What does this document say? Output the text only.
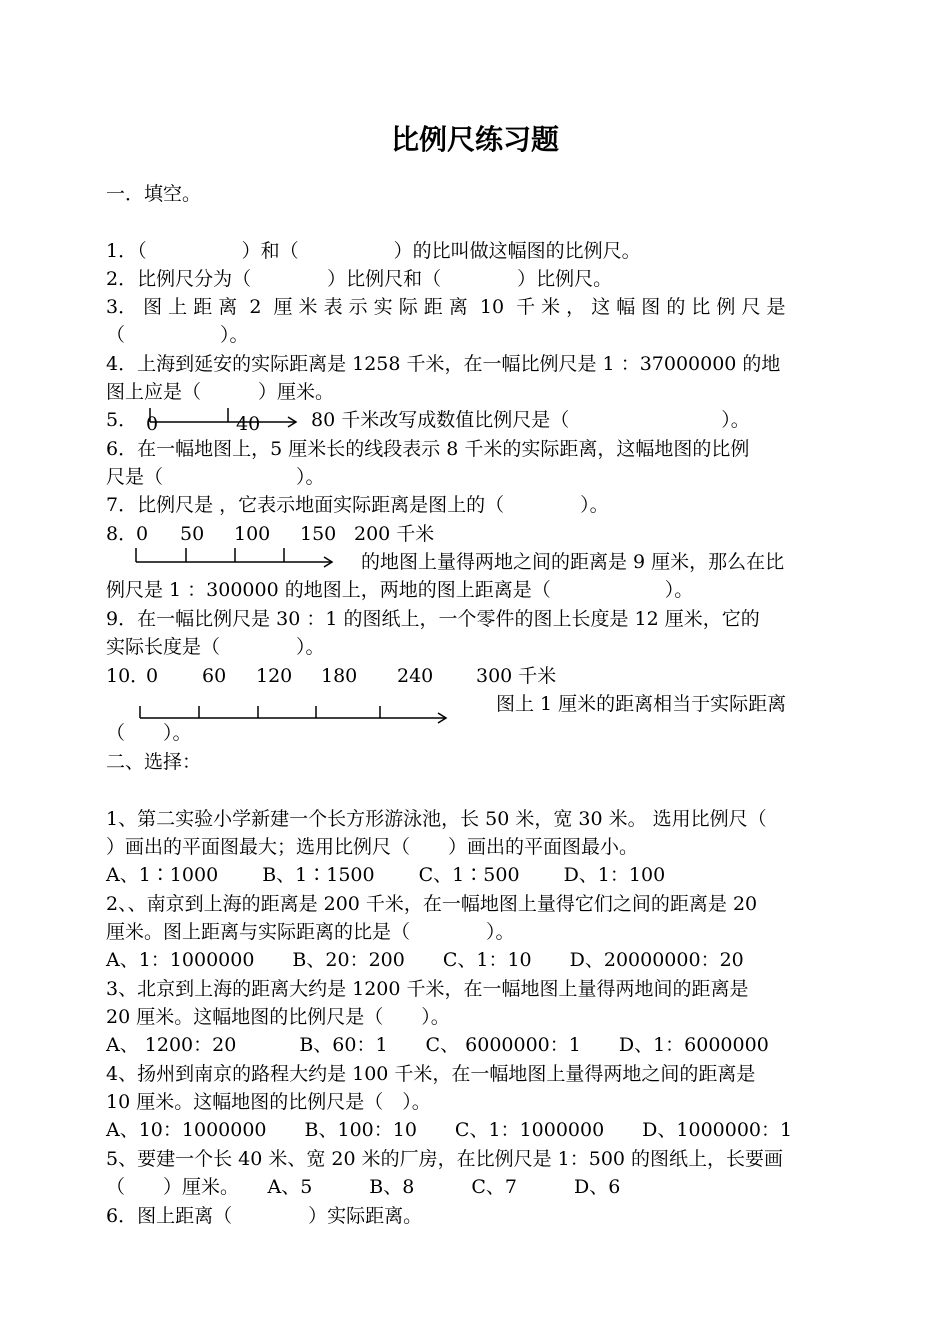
比例尺练习题
一．填空。
1．（　　　　　）和（　　　　　）的比叫做这幅图的比例尺。
2．比例尺分为（　　　　）比例尺和（　　　　）比例尺。
3． 图 上 距 离  2  厘 米 表 示 实 际 距 离  10  千 米 ， 这 幅 图 的 比 例 尺 是
（　　　　　）。
4．上海到延安的实际距离是 1258 千米，在一幅比例尺是 1 ：37000000 的地
图上应是（　　　）厘米。
5． 0	40	80 千米改写成数值比例尺是（　　　　　　　　）。
6．在一幅地图上，5 厘米长的线段表示 8 千米的实际距离，这幅地图的比例
尺是（　　　　　　　）。
7．比例尺是 ，它表示地面实际距离是图上的（　　　　）。
8．
0 50 100 150 200 千米
的地图上量得两地之间的距离是 9 厘米，那么在比
例尺是 1 ：300000 的地图上，两地的图上距离是（　　　　　　）。
9．在一幅比例尺是 30 ：1 的图纸上，一个零件的图上长度是 12 厘米，它的
实际长度是（　　　　）。
10．
0 60 120 180 240 300 千米
图上 1 厘米的距离相当于实际距离
（　　）。
二、选择：
1、第二实验小学新建一个长方形游泳池，长 50 米，宽 30 米。 选用比例尺（
）画出的平面图最大；选用比例尺（　　）画出的平面图最小。
A、1∶1000　　 B、1∶1500　　 C、1∶500　　 D、1：100
2、、南京到上海的距离是 200 千米，在一幅地图上量得它们之间的距离是 20
厘米。图上距离与实际距离的比是（　　　　）。
A、1：1000000　　B、20：200　　C、1：10　　D、20000000：20
3、北京到上海的距离大约是 1200 千米，在一幅地图上量得两地间的距离是
20 厘米。这幅地图的比例尺是（　　）。
A、 1200：20　　　 B、60：1　　C、 6000000：1　　D、1：6000000
4、扬州到南京的路程大约是 100 千米，在一幅地图上量得两地之间的距离是
10 厘米。这幅地图的比例尺是（　）。
A、10：1000000　　B、100：10　　C、1：1000000　　D、1000000：1
5、要建一个长 40 米、宽 20 米的厂房，在比例尺是 1：500 的图纸上，长要画
（　　）厘米。　　A、5　　　B、8　　　C、7　　　D、6
6．图上距离（　　　　）实际距离。
